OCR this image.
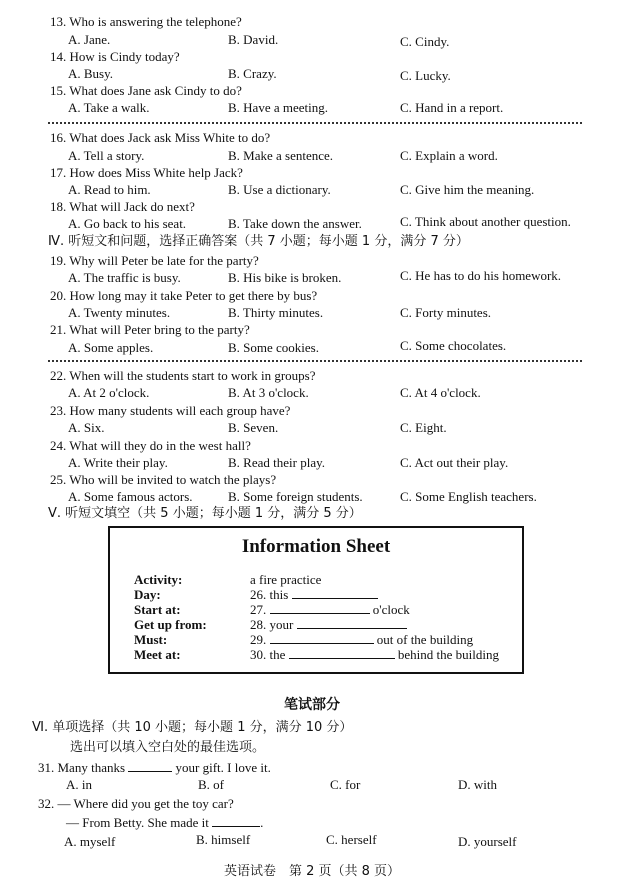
13. Who is answering the telephone?
A. Jane.	B. David.	C. Cindy.
14. How is Cindy today?
A. Busy.	B. Crazy.	C. Lucky.
15. What does Jane ask Cindy to do?
A. Take a walk.	B. Have a meeting.	C. Hand in a report.
16. What does Jack ask Miss White to do?
A. Tell a story.	B. Make a sentence.	C. Explain a word.
17. How does Miss White help Jack?
A. Read to him.	B. Use a dictionary.	C. Give him the meaning.
18. What will Jack do next?
A. Go back to his seat.	B. Take down the answer.	C. Think about another question.
Ⅳ. 听短文和问题，选择正确答案（共 7 小题；每小题 1 分，满分 7 分）
19. Why will Peter be late for the party?
A. The traffic is busy.	B. His bike is broken.	C. He has to do his homework.
20. How long may it take Peter to get there by bus?
A. Twenty minutes.	B. Thirty minutes.	C. Forty minutes.
21. What will Peter bring to the party?
A. Some apples.	B. Some cookies.	C. Some chocolates.
22. When will the students start to work in groups?
A. At 2 o'clock.	B. At 3 o'clock.	C. At 4 o'clock.
23. How many students will each group have?
A. Six.	B. Seven.	C. Eight.
24. What will they do in the west hall?
A. Write their play.	B. Read their play.	C. Act out their play.
25. Who will be invited to watch the plays?
A. Some famous actors.	B. Some foreign students.	C. Some English teachers.
Ⅴ. 听短文填空（共 5 小题；每小题 1 分，满分 5 分）
Information Sheet
Activity:	a fire practice
Day:	26. this
Start at:	27.	o'clock
Get up from:	28. your
Must:	29.	out of the building
Meet at:	30. the	behind the building
笔试部分
Ⅵ. 单项选择（共 10 小题；每小题 1 分，满分 10 分）
选出可以填入空白处的最佳选项。
31. Many thanks	your gift. I love it.
A. in	B. of	C. for	D. with
32. — Where did you get the toy car?
— From Betty. She made it	.
A. myself	B. himself	C. herself	D. yourself
英语试卷　第 2 页（共 8 页）
